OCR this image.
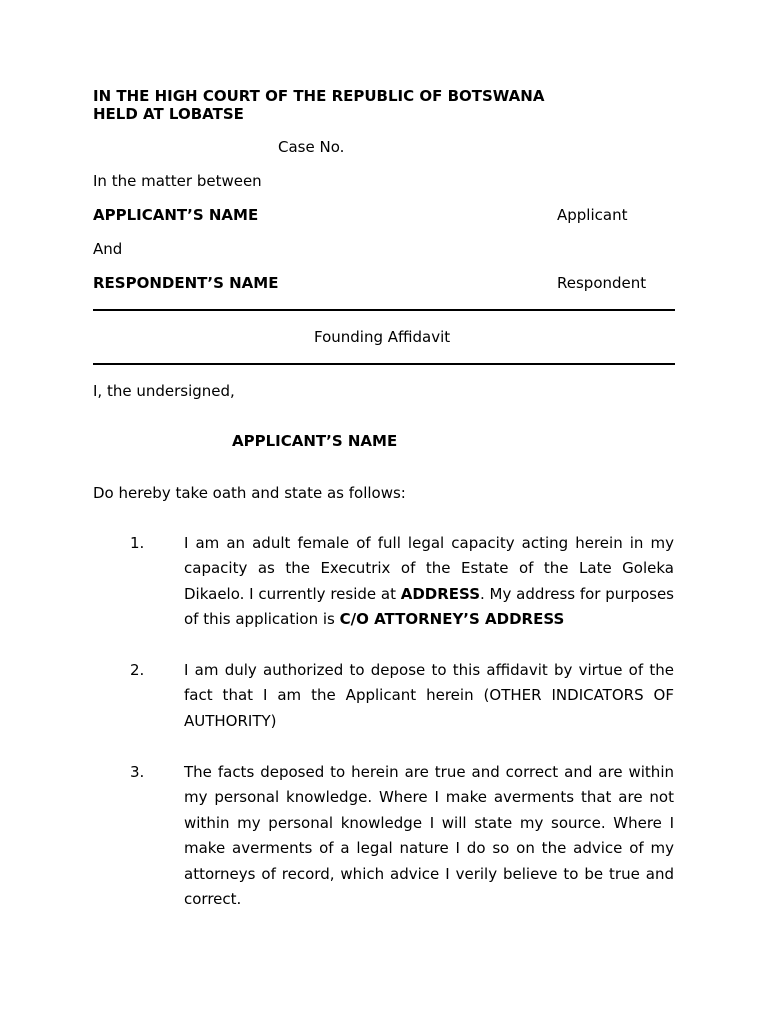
IN THE HIGH COURT OF THE REPUBLIC OF BOTSWANA
HELD AT LOBATSE
Case No.
In the matter between
APPLICANT’S NAME	Applicant
And
RESPONDENT’S NAME	Respondent
Founding Affidavit
I, the undersigned,
APPLICANT’S NAME
Do hereby take oath and state as follows:
1.	I am an adult female of full legal capacity acting herein in my capacity as the Executrix of the Estate of the Late Goleka Dikaelo. I currently reside at ADDRESS. My address for purposes of this application is C/O ATTORNEY’S ADDRESS
2.	I am duly authorized to depose to this affidavit by virtue of the fact that I am the Applicant herein (OTHER INDICATORS OF AUTHORITY)
3.	The facts deposed to herein are true and correct and are within my personal knowledge. Where I make averments that are not within my personal knowledge I will state my source. Where I make averments of a legal nature I do so on the advice of my attorneys of record, which advice I verily believe to be true and correct.
